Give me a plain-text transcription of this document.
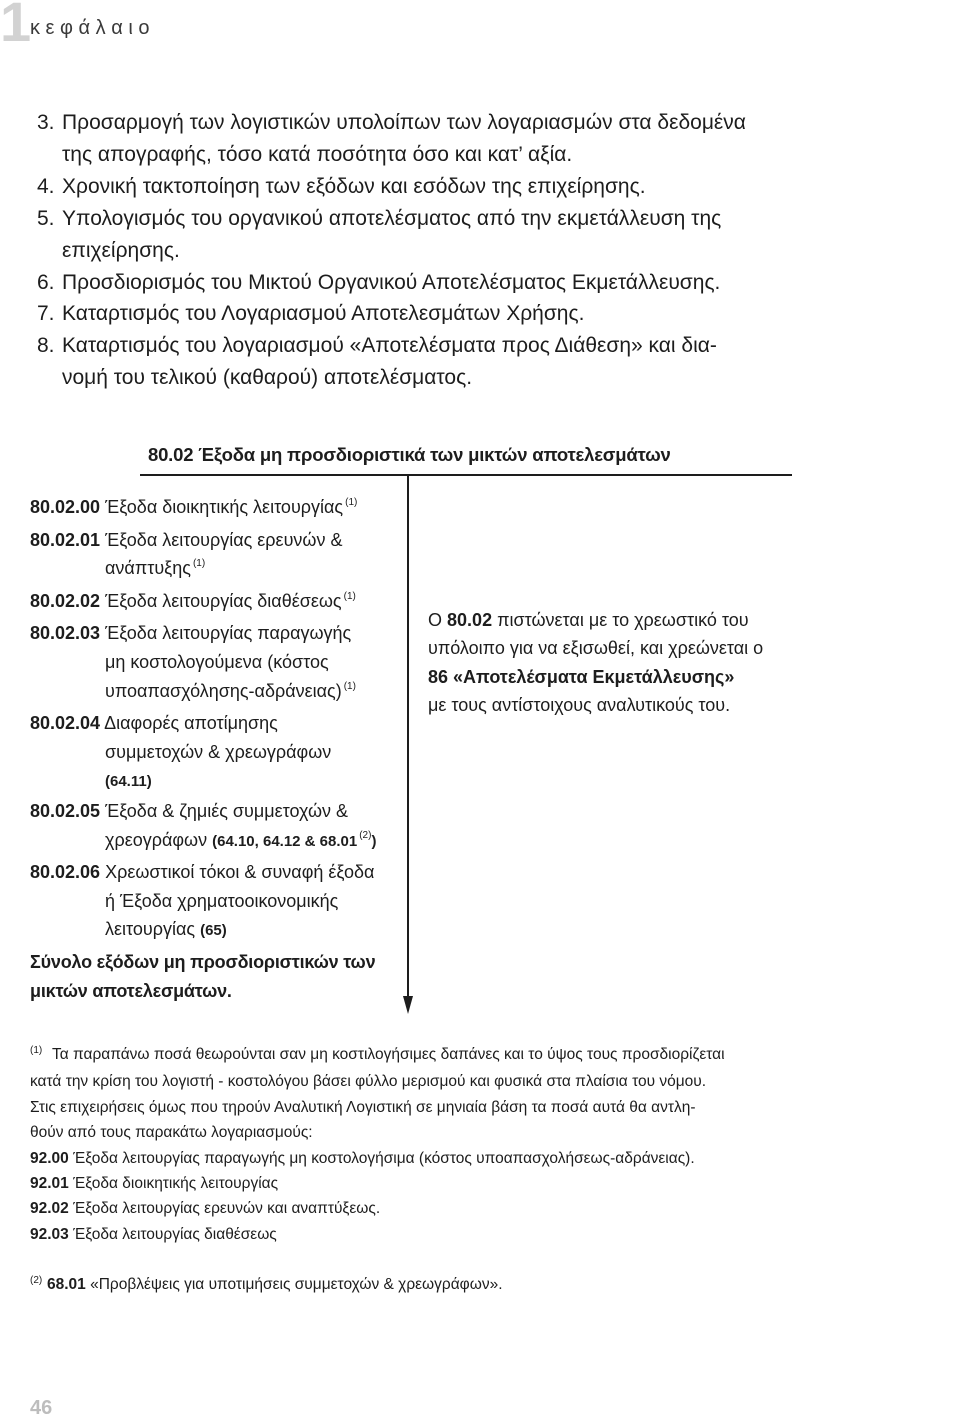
1
κ ε φ ά λ α ι ο
3. Προσαρμογή των λογιστικών υπολοίπων των λογαριασμών στα δεδομένα
της απογραφής, τόσο κατά ποσότητα όσο και κατ’ αξία.
4. Χρονική τακτοποίηση των εξόδων και εσόδων της επιχείρησης.
5. Υπολογισμός του οργανικού αποτελέσματος από την εκμετάλλευση της
επιχείρησης.
6. Προσδιορισμός του Μικτού Οργανικού Αποτελέσματος Εκμετάλλευσης.
7. Καταρτισμός του Λογαριασμού Αποτελεσμάτων Χρήσης.
8. Καταρτισμός του λογαριασμού «Αποτελέσματα προς Διάθεση» και δια-
νομή του τελικού (καθαρού) αποτελέσματος.
80.02 Έξοδα μη προσδιοριστικά των μικτών αποτελεσμάτων
80.02.00 Έξοδα διοικητικής λειτουργίας $^{(1)}$
80.02.01 Έξοδα λειτουργίας ερευνών &
ανάπτυξης $^{(1)}$
80.02.02 Έξοδα λειτουργίας διαθέσεως $^{(1)}$
80.02.03 Έξοδα λειτουργίας παραγωγής
μη κοστολογούμενα (κόστος
υποαπασχόλησης-αδράνειας) $^{(1)}$
80.02.04 Διαφορές αποτίμησης
συμμετοχών & χρεωγράφων
(64.11)
80.02.05 Έξοδα & ζημιές συμμετοχών &
χρεογράφων (64.10, 64.12 & 68.01 $^{(2)}$)
80.02.06 Χρεωστικοί τόκοι & συναφή έξοδα
ή Έξοδα χρηματοοικονομικής
λειτουργίας (65)
Σύνολο εξόδων μη προσδιοριστικών των
μικτών αποτελεσμάτων.
Ο 80.02 πιστώνεται με το χρεωστικό του
υπόλοιπο για να εξισωθεί, και χρεώνεται ο
86 «Αποτελέσματα Εκμετάλλευσης»
με τους αντίστοιχους αναλυτικούς του.
(1) Τα παραπάνω ποσά θεωρούνται σαν μη κοστιλογήσιμες δαπάνες και το ύψος τους προσδιορίζεται
κατά την κρίση του λογιστή - κοστολόγου βάσει φύλλο μερισμού και φυσικά στα πλαίσια του νόμου.
Στις επιχειρήσεις όμως που τηρούν Αναλυτική Λογιστική σε μηνιαία βάση τα ποσά αυτά θα αντλη-
θούν από τους παρακάτω λογαριασμούς:
92.00 Έξοδα λειτουργίας παραγωγής μη κοστολογήσιμα (κόστος υποαπασχολήσεως-αδράνειας).
92.01 Έξοδα διοικητικής λειτουργίας
92.02 Έξοδα λειτουργίας ερευνών και αναπτύξεως.
92.03 Έξοδα λειτουργίας διαθέσεως
(2) 68.01 «Προβλέψεις για υποτιμήσεις συμμετοχών & χρεωγράφων».
46
